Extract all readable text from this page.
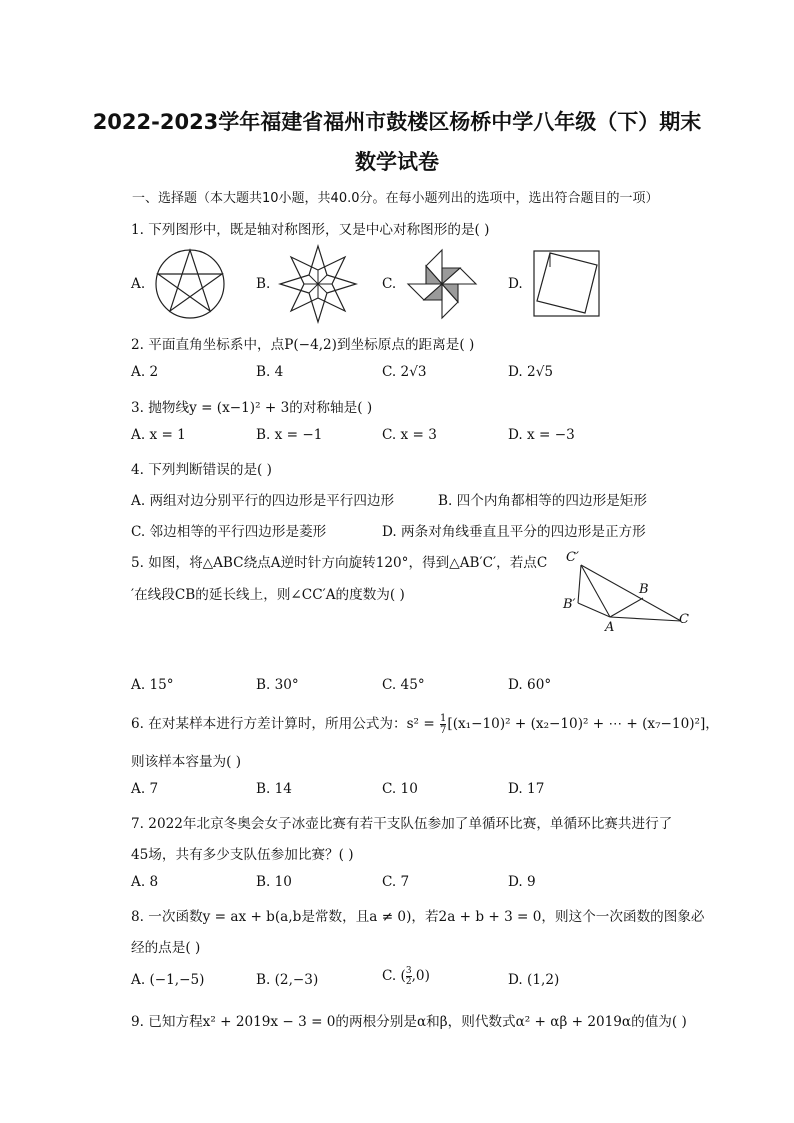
2022-2023学年福建省福州市鼓楼区杨桥中学八年级（下）期末
数学试卷
一、选择题（本大题共10小题，共40.0分。在每小题列出的选项中，选出符合题目的一项）
1. 下列图形中，既是轴对称图形，又是中心对称图形的是( )
A.	B.	C.	D.
2. 平面直角坐标系中，点P(−4,2)到坐标原点的距离是( )
A. 2	B. 4	C. 2√3	D. 2√5
3. 抛物线y = (x−1)² + 3的对称轴是( )
A. x = 1	B. x = −1	C. x = 3	D. x = −3
4. 下列判断错误的是( )
A. 两组对边分别平行的四边形是平行四边形	B. 四个内角都相等的四边形是矩形
C. 邻边相等的平行四边形是菱形	D. 两条对角线垂直且平分的四边形是正方形
5. 如图，将△ABC绕点A逆时针方向旋转120°，得到△AB′C′，若点C
′在线段CB的延长线上，则∠CC′A的度数为( )
C′
B
B′
A
C
A. 15°	B. 30°	C. 45°	D. 60°
6. 在对某样本进行方差计算时，所用公式为：$s^2 = \frac{1}{7} [(x_1-10)^2 + (x_2-10)^2$ + ⋯ + (x₇−10)²]，
则该样本容量为( )
A. 7	B. 14	C. 10	D. 17
7. 2022年北京冬奥会女子冰壶比赛有若干支队伍参加了单循环比赛，单循环比赛共进行了
45场，共有多少支队伍参加比赛？( )
A. 8	B. 10	C. 7	D. 9
8. 一次函数y = ax + b(a,b是常数，且a ≠ 0)，若2a + b + 3 = 0，则这个一次函数的图象必
经的点是( )
A. (−1,−5)	B. (2,−3)	C. ( $\frac{3}{2} ,0$)	D. (1,2)
9. 已知方程x² + 2019x − 3 = 0的两根分别是α和β，则代数式α² + αβ + 2019α的值为( )
